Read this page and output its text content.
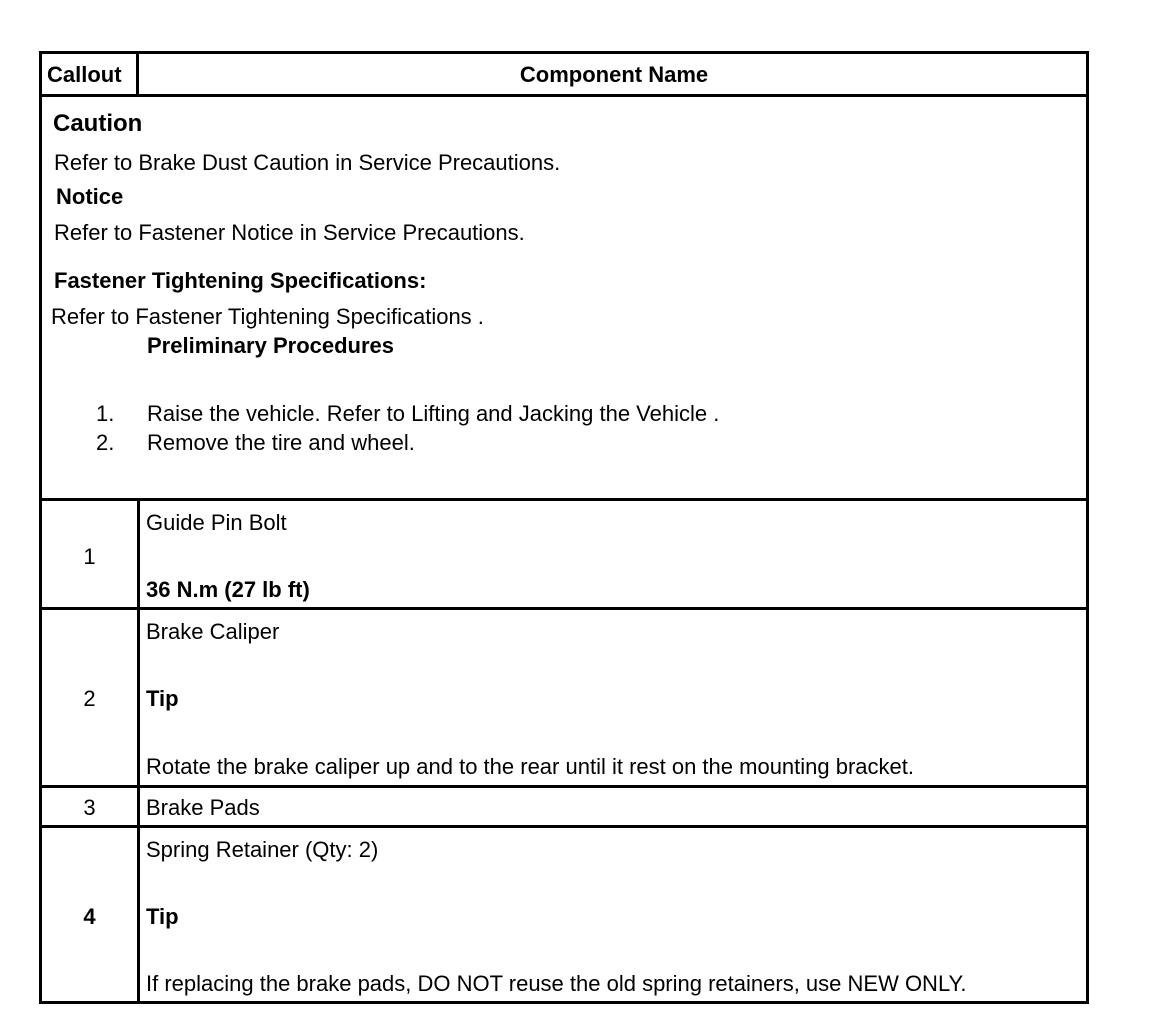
Callout	Component Name
Caution
Refer to Brake Dust Caution in Service Precautions.
Notice
Refer to Fastener Notice in Service Precautions.
Fastener Tightening Specifications:
Refer to Fastener Tightening Specifications .
Preliminary Procedures
1. Raise the vehicle. Refer to Lifting and Jacking the Vehicle .
2. Remove the tire and wheel.
1
Guide Pin Bolt
36 N.m (27 lb ft)
2
Brake Caliper
Tip
Rotate the brake caliper up and to the rear until it rest on the mounting bracket.
3	Brake Pads
4
Spring Retainer (Qty: 2)
Tip
If replacing the brake pads, DO NOT reuse the old spring retainers, use NEW ONLY.
